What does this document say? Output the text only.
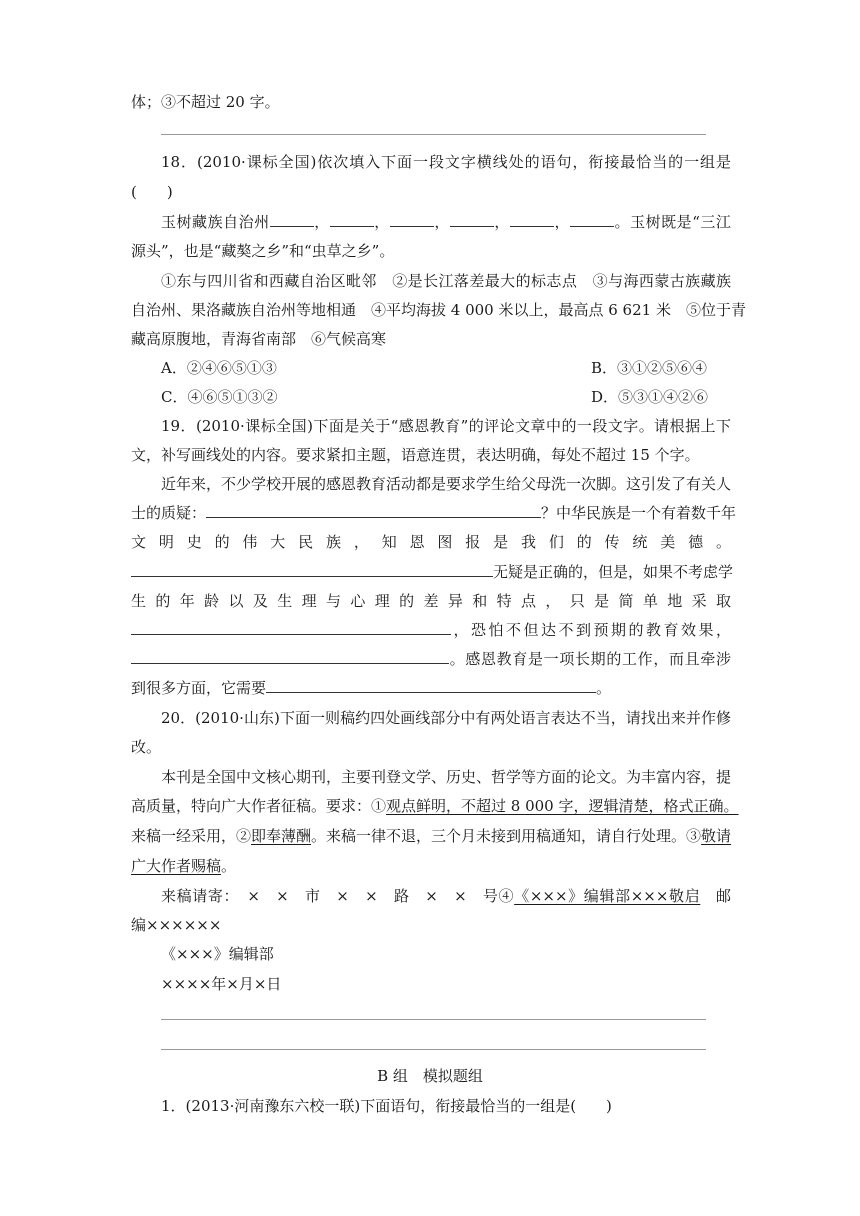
体；③不超过 20 字。
18．(2010·课标全国)依次填入下面一段文字横线处的语句，衔接最恰当的一组是
(　　)
玉树藏族自治州	，	，	，	，	，	。玉树既是“三江
源头”，也是“藏獒之乡”和“虫草之乡”。
①东与四川省和西藏自治区毗邻　②是长江落差最大的标志点　③与海西蒙古族藏族
自治州、果洛藏族自治州等地相通　④平均海拔 4 000 米以上，最高点 6 621 米　⑤位于青
藏高原腹地，青海省南部　⑥气候高寒
A．②④⑥⑤①③	B．③①②⑤⑥④
C．④⑥⑤①③②	D．⑤③①④②⑥
19．(2010·课标全国)下面是关于“感恩教育”的评论文章中的一段文字。请根据上下
文，补写画线处的内容。要求紧扣主题，语意连贯，表达明确，每处不超过 15 个字。
近年来，不少学校开展的感恩教育活动都是要求学生给父母洗一次脚。这引发了有关人
士的质疑：	？中华民族是一个有着数千年
文明史的伟大民族，知恩图报是我们的传统美德。
无疑是正确的，但是，如果不考虑学
生的年龄以及生理与心理的差异和特点，只是简单地采取
，恐怕不但达不到预期的教育效果，
。感恩教育是一项长期的工作，而且牵涉
到很多方面，它需要	。
20．(2010·山东)下面一则稿约四处画线部分中有两处语言表达不当，请找出来并作修
改。
本刊是全国中文核心期刊，主要刊登文学、历史、哲学等方面的论文。为丰富内容，提
高质量，特向广大作者征稿。要求：①观点鲜明，不超过 8 000 字，逻辑清楚，格式正确。
来稿一经采用，②即奉薄酬。来稿一律不退，三个月未接到用稿通知，请自行处理。③敬请
广大作者赐稿。
来稿请寄：　×　×　市　×　×　路　×　×　号④《×××》编辑部×××敬启　邮
编××××××
《×××》编辑部
××××年×月×日
B 组　模拟题组
1．(2013·河南豫东六校一联)下面语句，衔接最恰当的一组是(　　)
